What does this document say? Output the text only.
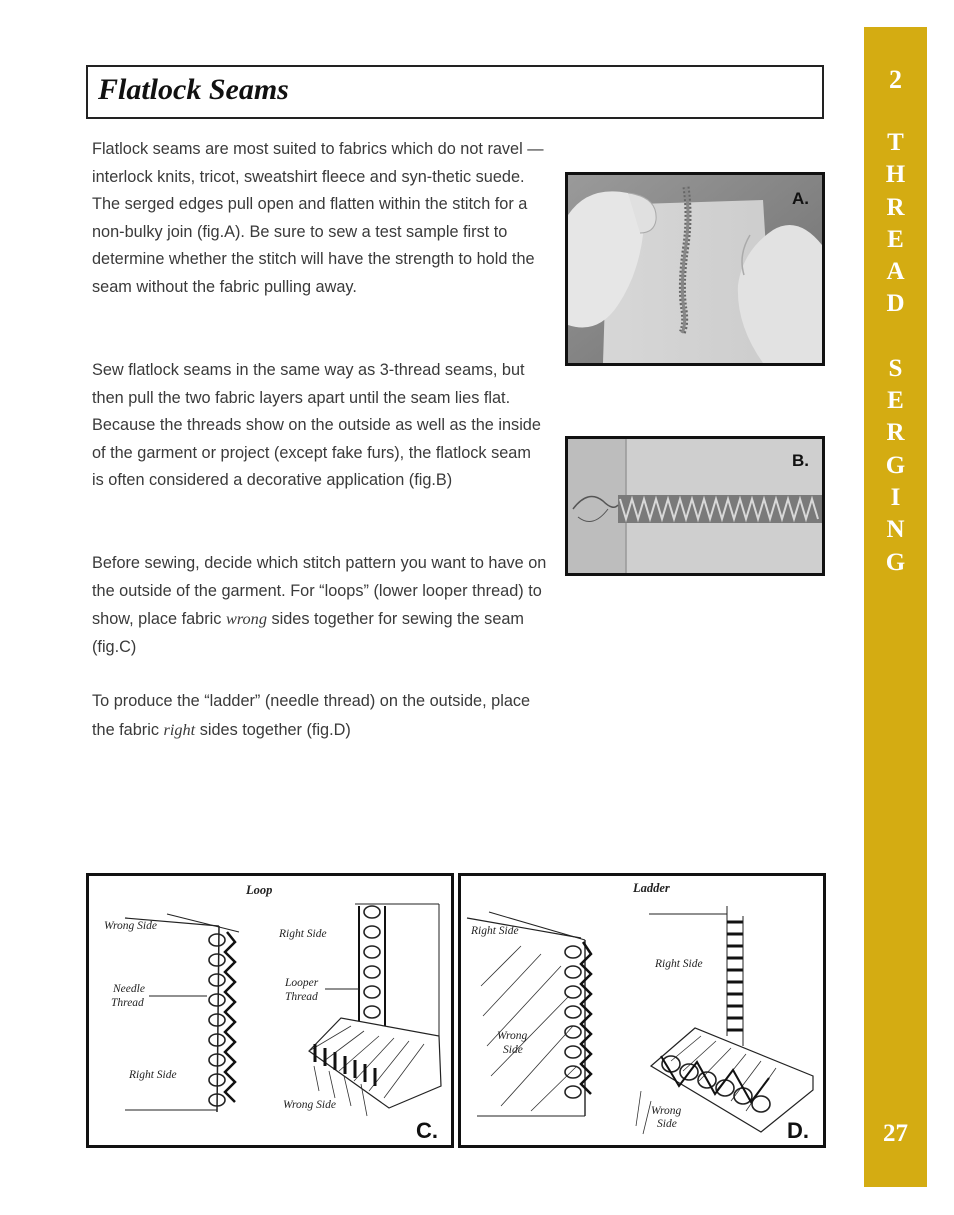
2
T
H
R
E
A
D
S
E
R
G
I
N
G
27
Flatlock Seams
Flatlock seams are most suited to fabrics which do not ravel — interlock knits, tricot, sweatshirt fleece and syn-thetic suede. The serged edges pull open and flatten within the stitch for a non-bulky join (fig.A). Be sure to sew a test sample first to determine whether the stitch will have the strength to hold the seam without the fabric pulling away.
Sew flatlock seams in the same way as 3-thread seams, but then pull the two fabric layers apart until the seam lies flat. Because the threads show on the outside as well as the inside of the garment or project (except fake furs), the flatlock seam is often considered a decorative application (fig.B)
Before sewing, decide which stitch pattern you want to have on the outside of the garment. For “loops” (lower looper thread) to show, place fabric wrong sides together for sewing the seam (fig.C)
To produce the “ladder” (needle thread) on the outside, place the fabric right sides together (fig.D)
A.
B.
Loop
Wrong Side
Needle
Thread
Right Side
Right Side
Looper
Thread
Wrong Side
C.
Ladder
Right Side
Wrong
Side
Right Side
Wrong
Side	D.
